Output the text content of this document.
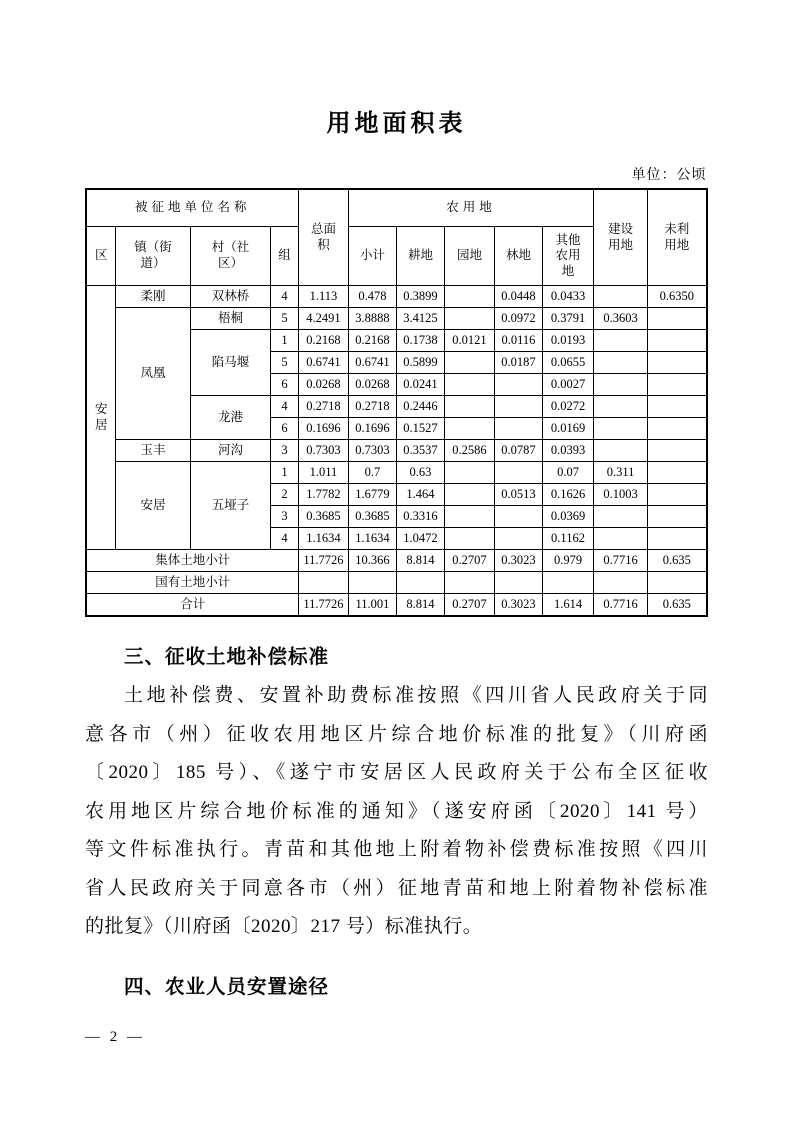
用地面积表
单位：公顷
被征地单位名称				总面积	农用地					建设用地	未利用地
区	镇（街道）	村（社区）	组		小计	耕地	园地	林地	其他农用地		
安居	柔刚	双林桥	4	1.113	0.478	0.3899		0.0448	0.0433		0.6350
	凤凰	梧桐	5	4.2491	3.8888	3.4125		0.0972	0.3791	0.3603	
		陷马堰	1	0.2168	0.2168	0.1738	0.0121	0.0116	0.0193		
			5	0.6741	0.6741	0.5899		0.0187	0.0655		
			6	0.0268	0.0268	0.0241			0.0027		
		龙港	4	0.2718	0.2718	0.2446			0.0272		
			6	0.1696	0.1696	0.1527			0.0169		
	玉丰	河沟	3	0.7303	0.7303	0.3537	0.2586	0.0787	0.0393		
	安居	五垭子	1	1.011	0.7	0.63			0.07	0.311	
			2	1.7782	1.6779	1.464		0.0513	0.1626	0.1003	
			3	0.3685	0.3685	0.3316			0.0369		
			4	1.1634	1.1634	1.0472			0.1162		
集体土地小计				11.7726	10.366	8.814	0.2707	0.3023	0.979	0.7716	0.635
国有土地小计											
合计				11.7726	11.001	8.814	0.2707	0.3023	1.614	0.7716	0.635
三、征收土地补偿标准
土地补偿费、安置补助费标准按照《四川省人民政府关于同
意各市（州）征收农用地区片综合地价标准的批复》（川府函
〔2020〕185 号）、《遂宁市安居区人民政府关于公布全区征收
农用地区片综合地价标准的通知》（遂安府函〔2020〕141 号）
等文件标准执行。青苗和其他地上附着物补偿费标准按照《四川
省人民政府关于同意各市（州）征地青苗和地上附着物补偿标准
的批复》（川府函〔2020〕217 号）标准执行。
四、农业人员安置途径
— 2 —
